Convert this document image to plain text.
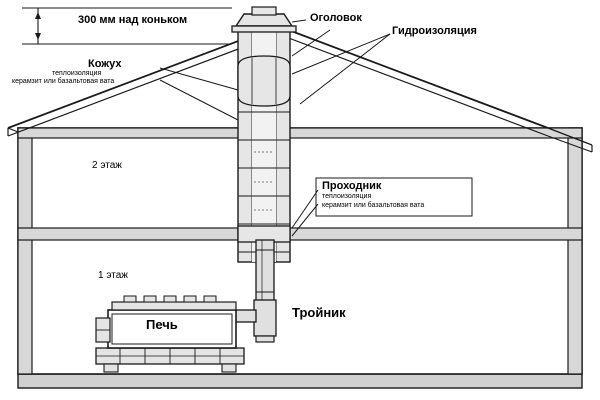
300 мм над коньком	Оголовок
Гидроизоляция
Кожух
теплоизоляция
керамзит или базальтовая вата
Проходник
теплоизоляция
керамзит или базальтовая вата
2 этаж
1 этаж
Печь
Тройник
